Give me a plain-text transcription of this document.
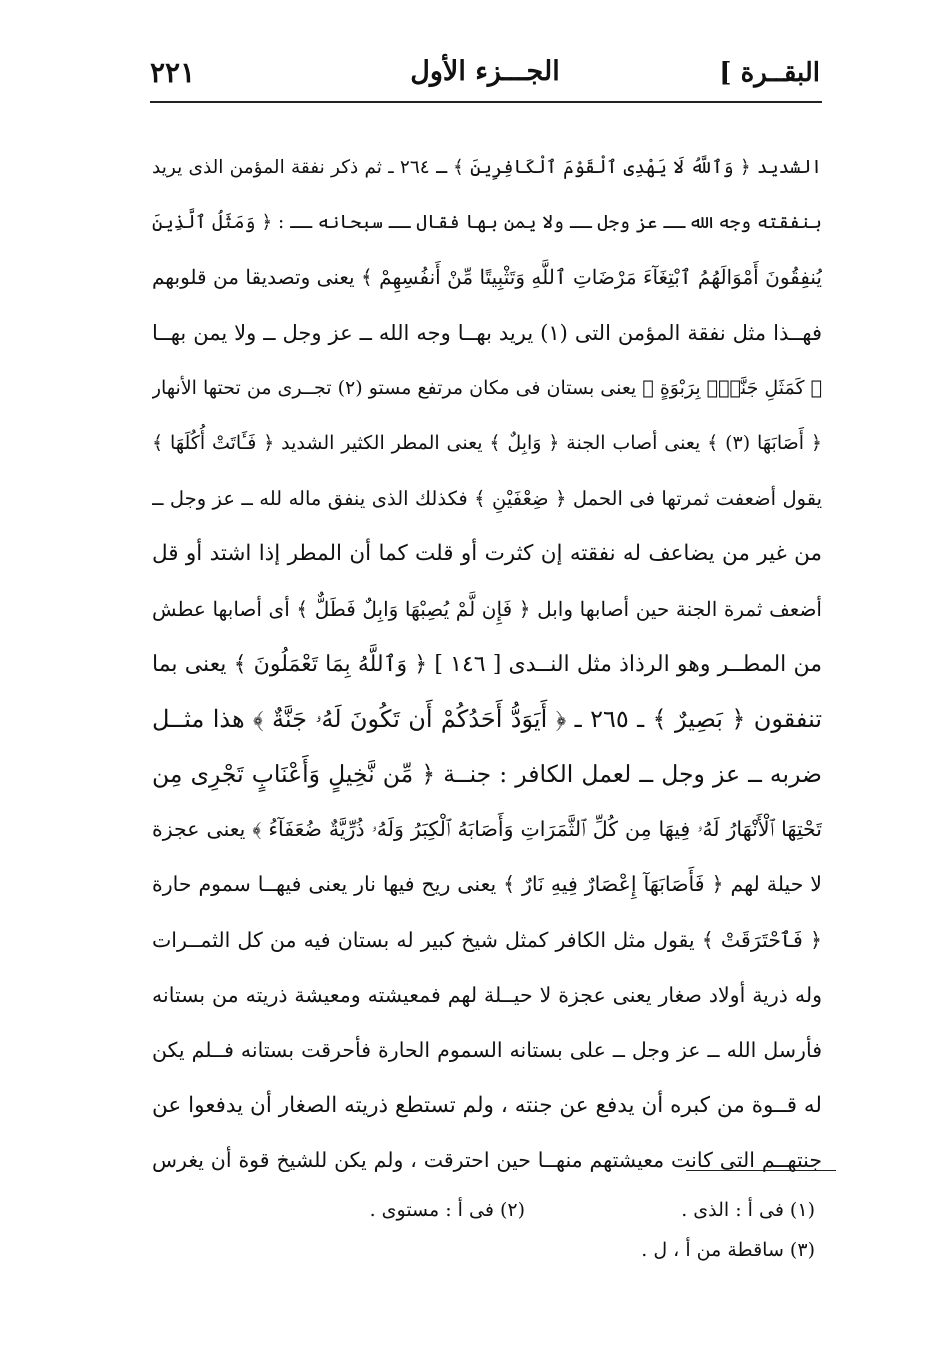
البقــرة ]
الجـــزء الأول
٢٢١
الشديد ﴿ وَٱللَّهُ لَا يَهْدِى ٱلْقَوْمَ ٱلْكَافِرِينَ ﴾ ـ ٢٦٤ ـ ثم ذكر نفقة المؤمن الذى يريد
بنفقته وجه الله ــ عز وجل ــ ولا يمن بها فقال ــ سبحانه ــ : ﴿ وَمَثَلُ ٱلَّذِينَ
يُنفِقُونَ أَمْوَالَهُمُ ٱبْتِغَآءَ مَرْضَاتِ ٱللَّهِ وَتَثْبِيتًا مِّنْ أَنفُسِهِمْ ﴾ يعنى وتصديقا من قلوبهم
فهــذا مثل نفقة المؤمن التى (١) يريد بهــا وجه الله ــ عز وجل ــ ولا يمن بهــا
﴿ كَمَثَلِ جَنَّةٍۭ بِرَبْوَةٍ ﴾ يعنى بستان فى مكان مرتفع مستو (٢) تجــرى من تحتها الأنهار
﴿ أَصَابَهَا (٣) ﴾ يعنى أصاب الجنة ﴿ وَابِلٌ ﴾ يعنى المطر الكثير الشديد ﴿ فَـَٔاتَتْ أُكُلَهَا ﴾
يقول أضعفت ثمرتها فى الحمل ﴿ ضِعْفَيْنِ ﴾ فكذلك الذى ينفق ماله لله ــ عز وجل ــ
من غير من يضاعف له نفقته إن كثرت أو قلت كما أن المطر إذا اشتد أو قل
أضعف ثمرة الجنة حين أصابها وابل ﴿ فَإِن لَّمْ يُصِبْهَا وَابِلٌ فَطَلٌّ ﴾ أى أصابها عطش
من المطــر وهو الرذاذ مثل النــدى [ ١٤٦ ] ﴿ وَٱللَّهُ بِمَا تَعْمَلُونَ ﴾ يعنى بما
تنفقون ﴿ بَصِيرٌ ﴾ ـ ٢٦٥ ـ ﴿ أَيَوَدُّ أَحَدُكُمْ أَن تَكُونَ لَهُۥ جَنَّةٌ ﴾ هذا مثــل
ضربه ــ عز وجل ــ لعمل الكافر : جنــة ﴿ مِّن نَّخِيلٍ وَأَعْنَابٍ تَجْرِى مِن
تَحْتِهَا ٱلْأَنْهَارُ لَهُۥ فِيهَا مِن كُلِّ ٱلثَّمَرَاتِ وَأَصَابَهُ ٱلْكِبَرُ وَلَهُۥ ذُرِّيَّةٌ ضُعَفَآءُ ﴾ يعنى عجزة
لا حيلة لهم ﴿ فَأَصَابَهَآ إِعْصَارٌ فِيهِ نَارٌ ﴾ يعنى ريح فيها نار يعنى فيهــا سموم حارة
﴿ فَٱحْتَرَقَتْ ﴾ يقول مثل الكافر كمثل شيخ كبير له بستان فيه من كل الثمــرات
وله ذرية أولاد صغار يعنى عجزة لا حيــلة لهم فمعيشته ومعيشة ذريته من بستانه
فأرسل الله ــ عز وجل ــ على بستانه السموم الحارة فأحرقت بستانه فــلم يكن
له قــوة من كبره أن يدفع عن جنته ، ولم تستطع ذريته الصغار أن يدفعوا عن
جنتهــم التى كانت معيشتهم منهــا حين احترقت ، ولم يكن للشيخ قوة أن يغرس
(١) فى أ : الذى .
(٢) فى أ : مستوى .
(٣) ساقطة من أ ، ل .
